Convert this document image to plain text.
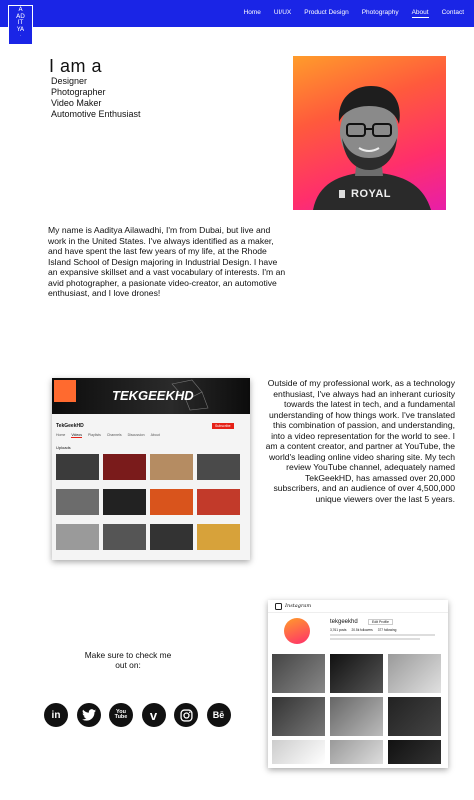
Home UI/UX Product Design Photography About Contact
A
AD
IT
YA
.
I am a
Designer
Photographer
Video Maker
Automotive Enthusiast
ROYAL
My name is Aaditya Ailawadhi, I'm from Dubai, but live and work in the United States. I've always identified as a maker, and have spent the last few years of my life, at the Rhode Island School of Design majoring in Industrial Design. I have an expansive skillset and a vast vocabulary of interests. I'm an avid photographer, a pasionate video-creator, an automotive enthusiast, and I love drones!
TEKGEEKHD
TekGeekHD	Subscribe
Home Videos Playlists Channels Discussion About
Uploads
Outside of my professional work, as a technology enthusiast, I've always had an inherant curiosity towards the latest in tech, and a fundamental understanding of how things work. I've translated this combination of passion, and understanding, into a video representation for the world to see. I am a content creator, and partner at YouTube, the world's leading online video sharing site. My tech review YouTube channel, adequately named TekGeekHD, has amassed over 20,000 subscribers, and an audience of over 4,500,000 unique viewers over the last 5 years.
Instagram
tekgeekhd	Edit Profile
3,761 posts 20.5k followers 377 following
Make sure to check me out on:
in	You Tube v	Bē
